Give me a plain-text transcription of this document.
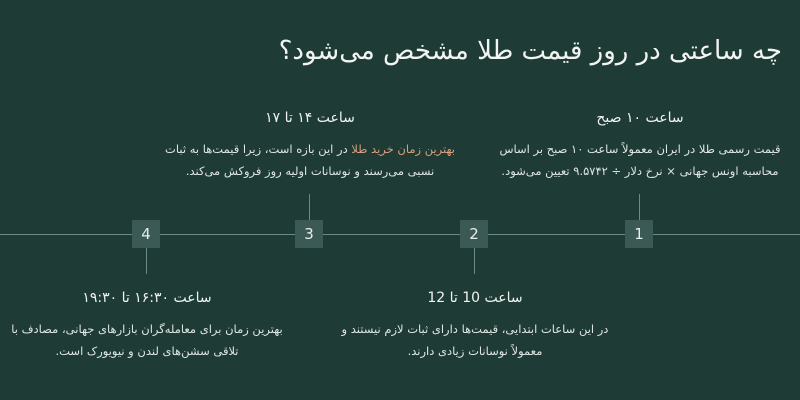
چه ساعتی در روز قیمت طلا مشخص می‌شود؟
1
2
3
4
ساعت ۱۰ صبح
قیمت رسمی طلا در ایران معمولاً ساعت ۱۰ صبح بر اساس محاسبه اونس جهانی × نرخ دلار ÷ ۹.۵۷۴۲ تعیین می‌شود.
ساعت ۱۴ تا ۱۷
بهترین زمان خرید طلا در این بازه است، زیرا قیمت‌ها به ثبات نسبی می‌رسند و نوسانات اولیه روز فروکش می‌کند.
ساعت 10 تا 12
در این ساعات ابتدایی، قیمت‌ها دارای ثبات لازم نیستند و معمولاً نوسانات زیادی دارند.
ساعت ۱۶:۳۰ تا ۱۹:۳۰
بهترین زمان برای معامله‌گران بازارهای جهانی، مصادف با تلاقی سشن‌های لندن و نیویورک است.
